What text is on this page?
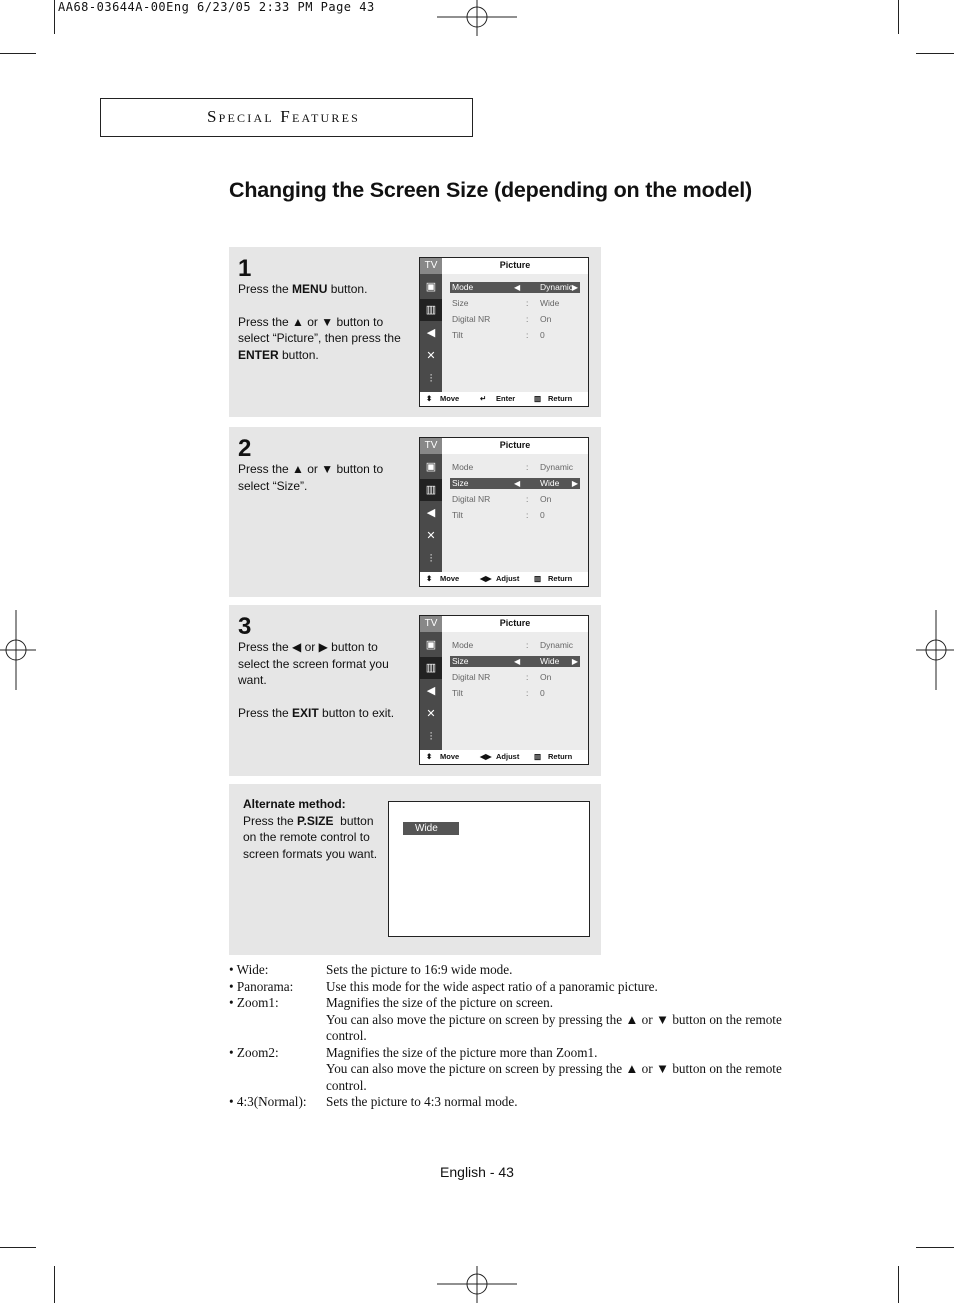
AA68-03644A-00Eng 6/23/05 2:33 PM Page 43
Special Features
Changing the Screen Size (depending on the model)
1

Press the MENU button.

Press the ▲ or ▼ button to select “Picture”, then press the ENTER button.

TV
▣
▥
◀
✕
⫶
Picture
Mode	◀	▶
Dynamic
Size	: Wide
Digital NR	: On
Tilt	: 0
⬍ Move	↵ Enter	▥ Return
2

Press the ▲ or ▼ button to select “Size”.

TV
▣
▥
◀
✕
⫶
Picture
Mode	: Dynamic
Size	◀	▶
Wide
Digital NR	: On
Tilt	: 0
⬍ Move	◀▶ Adjust ▥ Return
3

Press the ◀ or ▶ button to select the screen format you want.

Press the EXIT button to exit.

TV
▣
▥
◀
✕
⫶
Picture
Mode	: Dynamic
Size	◀	▶
Wide
Digital NR	: On
Tilt	: 0
⬍ Move	◀▶ Adjust ▥ Return
Alternate method:
Press the P.SIZE  button on the remote control to screen formats you want.
Wide
• Wide:	Sets the picture to 16:9 wide mode.
• Panorama: Use this mode for the wide aspect ratio of a panoramic picture.
• Zoom1:	Magnifies the size of the picture on screen.
You can also move the picture on screen by pressing the ▲ or ▼ button on the remote control.
• Zoom2:	Magnifies the size of the picture more than Zoom1.
You can also move the picture on screen by pressing the ▲ or ▼ button on the remote control.
• 4:3(Normal): Sets the picture to 4:3 normal mode.
English - 43
